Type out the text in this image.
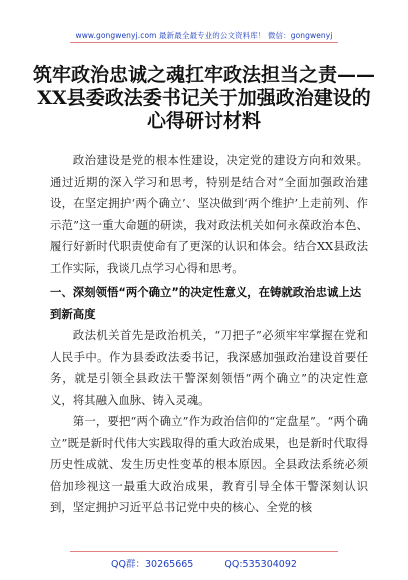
www.gongwenyj.com 最新最全最专业的公文资料库！ 微信：gongwenyj
筑牢政治忠诚之魂扛牢政法担当之责——
XX县委政法委书记关于加强政治建设的
心得研讨材料

政治建设是党的根本性建设，决定党的建设方向和效果。通过近期的深入学习和思考，特别是结合对“全面加强政治建设，在坚定拥护‘两个确立’、坚决做到‘两个维护’上走前列、作示范”这一重大命题的研读，我对政法机关如何永葆政治本色、履行好新时代职责使命有了更深的认识和体会。结合XX县政法工作实际，我谈几点学习心得和思考。

一、深刻领悟“两个确立”的决定性意义，在铸就政治忠诚上达到新高度

政法机关首先是政治机关，“刀把子”必须牢牢掌握在党和人民手中。作为县委政法委书记，我深感加强政治建设首要任务，就是引领全县政法干警深刻领悟“两个确立”的决定性意义，将其融入血脉、铸入灵魂。

第一，要把“两个确立”作为政治信仰的“定盘星”。“两个确立”既是新时代伟大实践取得的重大政治成果，也是新时代取得历史性成就、发生历史性变革的根本原因。全县政法系统必须倍加珍视这一最重大政治成果，教育引导全体干警深刻认识到，坚定拥护习近平总书记党中央的核心、全党的核

QQ群：30265665	QQ:535304092
